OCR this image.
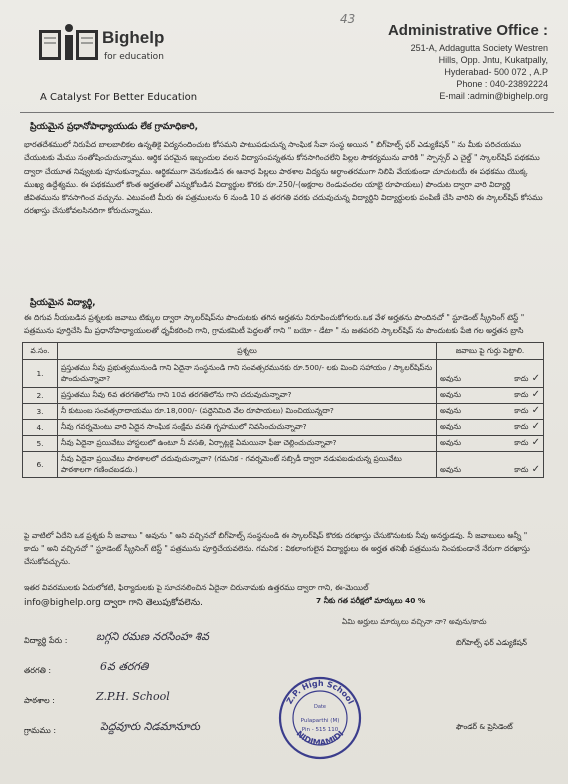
Bighelp
for education
A Catalyst For Better Education
43
Administrative Office :
251-A, Addagutta Society Westren
Hills, Opp. Jntu, Kukatpally,
Hyderabad- 500 072 , A.P
Phone : 040-23892224
E-mail :admin@bighelp.org
ప్రియమైన ప్రధానోపాధ్యాయుడు లేక గ్రామాధికారి,
భారతదేశములో నిరుపేద బాలబాలికల ఉన్నతికై విద్యనందించుట కోసమని పాటుపడుచున్న సాంఘిక సేవా సంస్థ అయిన " బిగ్‌హెల్ప్ ఫర్ ఎడ్యుకేషన్ " ను మీకు పరిచయము చేయుటకు మేము సంతోషించుచున్నాము. ఆర్థిక పరమైన ఇబ్బందుల వలన విద్యాసంపన్నతను కోనసాగించలేని పిల్లల సౌకర్యమును వారికి " స్పాన్సర్ ఎ చైల్డ్ " స్కాలర్‌షిప్ పథకము ద్వారా చేయూత నివ్వుటకు పూనుకున్నాము. ఆర్థికముగా వెనుకబడిన ఈ ఆనాధ పిల్లలు పాఠశాల విద్యను అర్ధాంతరముగా నిలిపి వేయకుండా చూచుటయే ఈ పథకము యొక్క ముఖ్య ఉద్దేశ్యము. ఈ పథకములో కొంత అర్హతలతో ఎన్నుకోబడిన విద్యార్థుల కొరకు రూ.250/-(అక్షరాల రెండువందల యాభై రూపాయలు) పొందుట ద్వారా వారి విద్యార్థి జీవితమును కొనసాగించ వచ్చును. ఎటువంటి మీరు ఈ పత్రములను 6 నుండి 10 వ తరగతి వరకు చదువుచున్న విద్యార్థిని విద్యార్థులకు పంపిణీ చేసి వారిని ఈ స్కాలర్‌షిప్ కోసము దరఖాస్తు చేసుకోవలసినదిగా కోరుచున్నాము.
ప్రియమైన విద్యార్థి,
ఈ దిగువ నీయబడిన ప్రశ్నలకు జవాబు టిక్కుల ద్వారా స్కాలర్‌షిప్‌ను పొందుటకు తగిన అర్హతను నిరూపించుకోగలరు.ఒక వేళ అర్హతను పొందినచో " స్టూడెంట్ స్క్రీనింగ్ టెస్ట్ " పత్రమును పూర్తిచేసి మీ ప్రధానోపాధ్యాయులతో ధృవీకరించి గాని, గ్రామకమిటీ పెద్దలతో గాని " బయో - డేటా " ను జతపరచి స్కాలర్‌షిప్ ను పొందుటకు పేజి గల అర్హతన బ్రాసి
వ.సం.	ప్రశ్నలు	జవాబు పై గుర్తు పెట్టాలి.
1.	ప్రస్తుతము నీవు ప్రభుత్వమునుండి గాని ఏదైనా సంస్థనుండి గాని సంవత్సరమునకు రూ.500/- లకు మించి సహాయం / స్కాలర్‌షిప్‌ను పొందుచున్నావా?	అవును కాదు ✓

2.	ప్రస్తుతము నీవు 6వ తరగతిలోను గాని 10వ తరగతిలోను గాని చదువుచున్నావా?	అవును కాదు ✓

3.	నీ కుటుంబ సంవత్సరాదాయము రూ.18,000/- (పద్దెనిమిది వేల రూపాయలు) మించియున్నదా?	అవును కాదు ✓

4.	నీవు గవర్నమెంటు వారి ఏదైన సాంఘిక సంక్షేమ వసతి గృహములో నివసించుచున్నావా?	అవును కాదు ✓

5.	నీవు ఏదైనా ప్రయివేటు హాస్టలులో ఉంటూ నీ వసతి, ఏర్పాట్లకై ఏమయినా ఫీజు చెల్లించుచున్నావా?	అవును కాదు ✓

6.	నీవు ఏదైనా ప్రయివేటు పాఠశాలలో చదువుచున్నావా? (గమనిక - గవర్నమెంట్ సబ్సిడీ ద్వారా నడుపబడుచున్న ప్రయివేటు పాఠశాలగా గణించబడదు.)	అవును కాదు ✓
పై వాటిలో ఏదేని ఒక ప్రశ్నకు నీ జవాబు " అవును " అని వచ్చినచో బిగ్‌హెల్ప్ సంస్థనుండి ఈ స్కాలర్‌షిప్ కొరకు దరఖాస్తు చేసుకొనుటకు నీవు అనర్హుడవు. నీ జవాబులు అన్నీ " కాదు " అని వచ్చినచో " స్టూడెంట్ స్క్రీనింగ్ టెస్ట్ " పత్రమును పూర్తిచేయవలెను. గమనిక : వికలాంగులైన విద్యార్థులు ఈ అర్హత తనిఖీ పత్రమును నింపకుండానే నేరుగా దరఖాస్తు చేసుకోవచ్చును.
ఇతర వివరములకు ఏదులోకటి, ఫిర్యాదులకు పై సూచనలించిన ఏదైనా చిరునామకు ఉత్తరము ద్వారా గాని, ఈ-మెయిల్
info@bighelp.org ద్వారా గాని తెలుపుకోవలెను.	7 నీకు గత పరీక్షలో మార్కులు 40 %
ఏమి అర్హులు మార్కులు వచ్చినా నా? అవును/కాదు
విద్యార్థి పేరు :	బగ్గని రమణ నరసింహ శివ
తరగతి :	6వ తరగతి
పాఠశాల :	Z.P.H. School
గ్రామము :	పెద్దవూరు నిడమానూరు
బిగ్‌హెల్ప్ ఫర్ ఎడ్యుకేషన్
ఫౌండర్ & ప్రెసిడెంట్
Z.P. High School
NIDIMAMIDI
Date
Pulaparthi (M)
Pin - 515 110
